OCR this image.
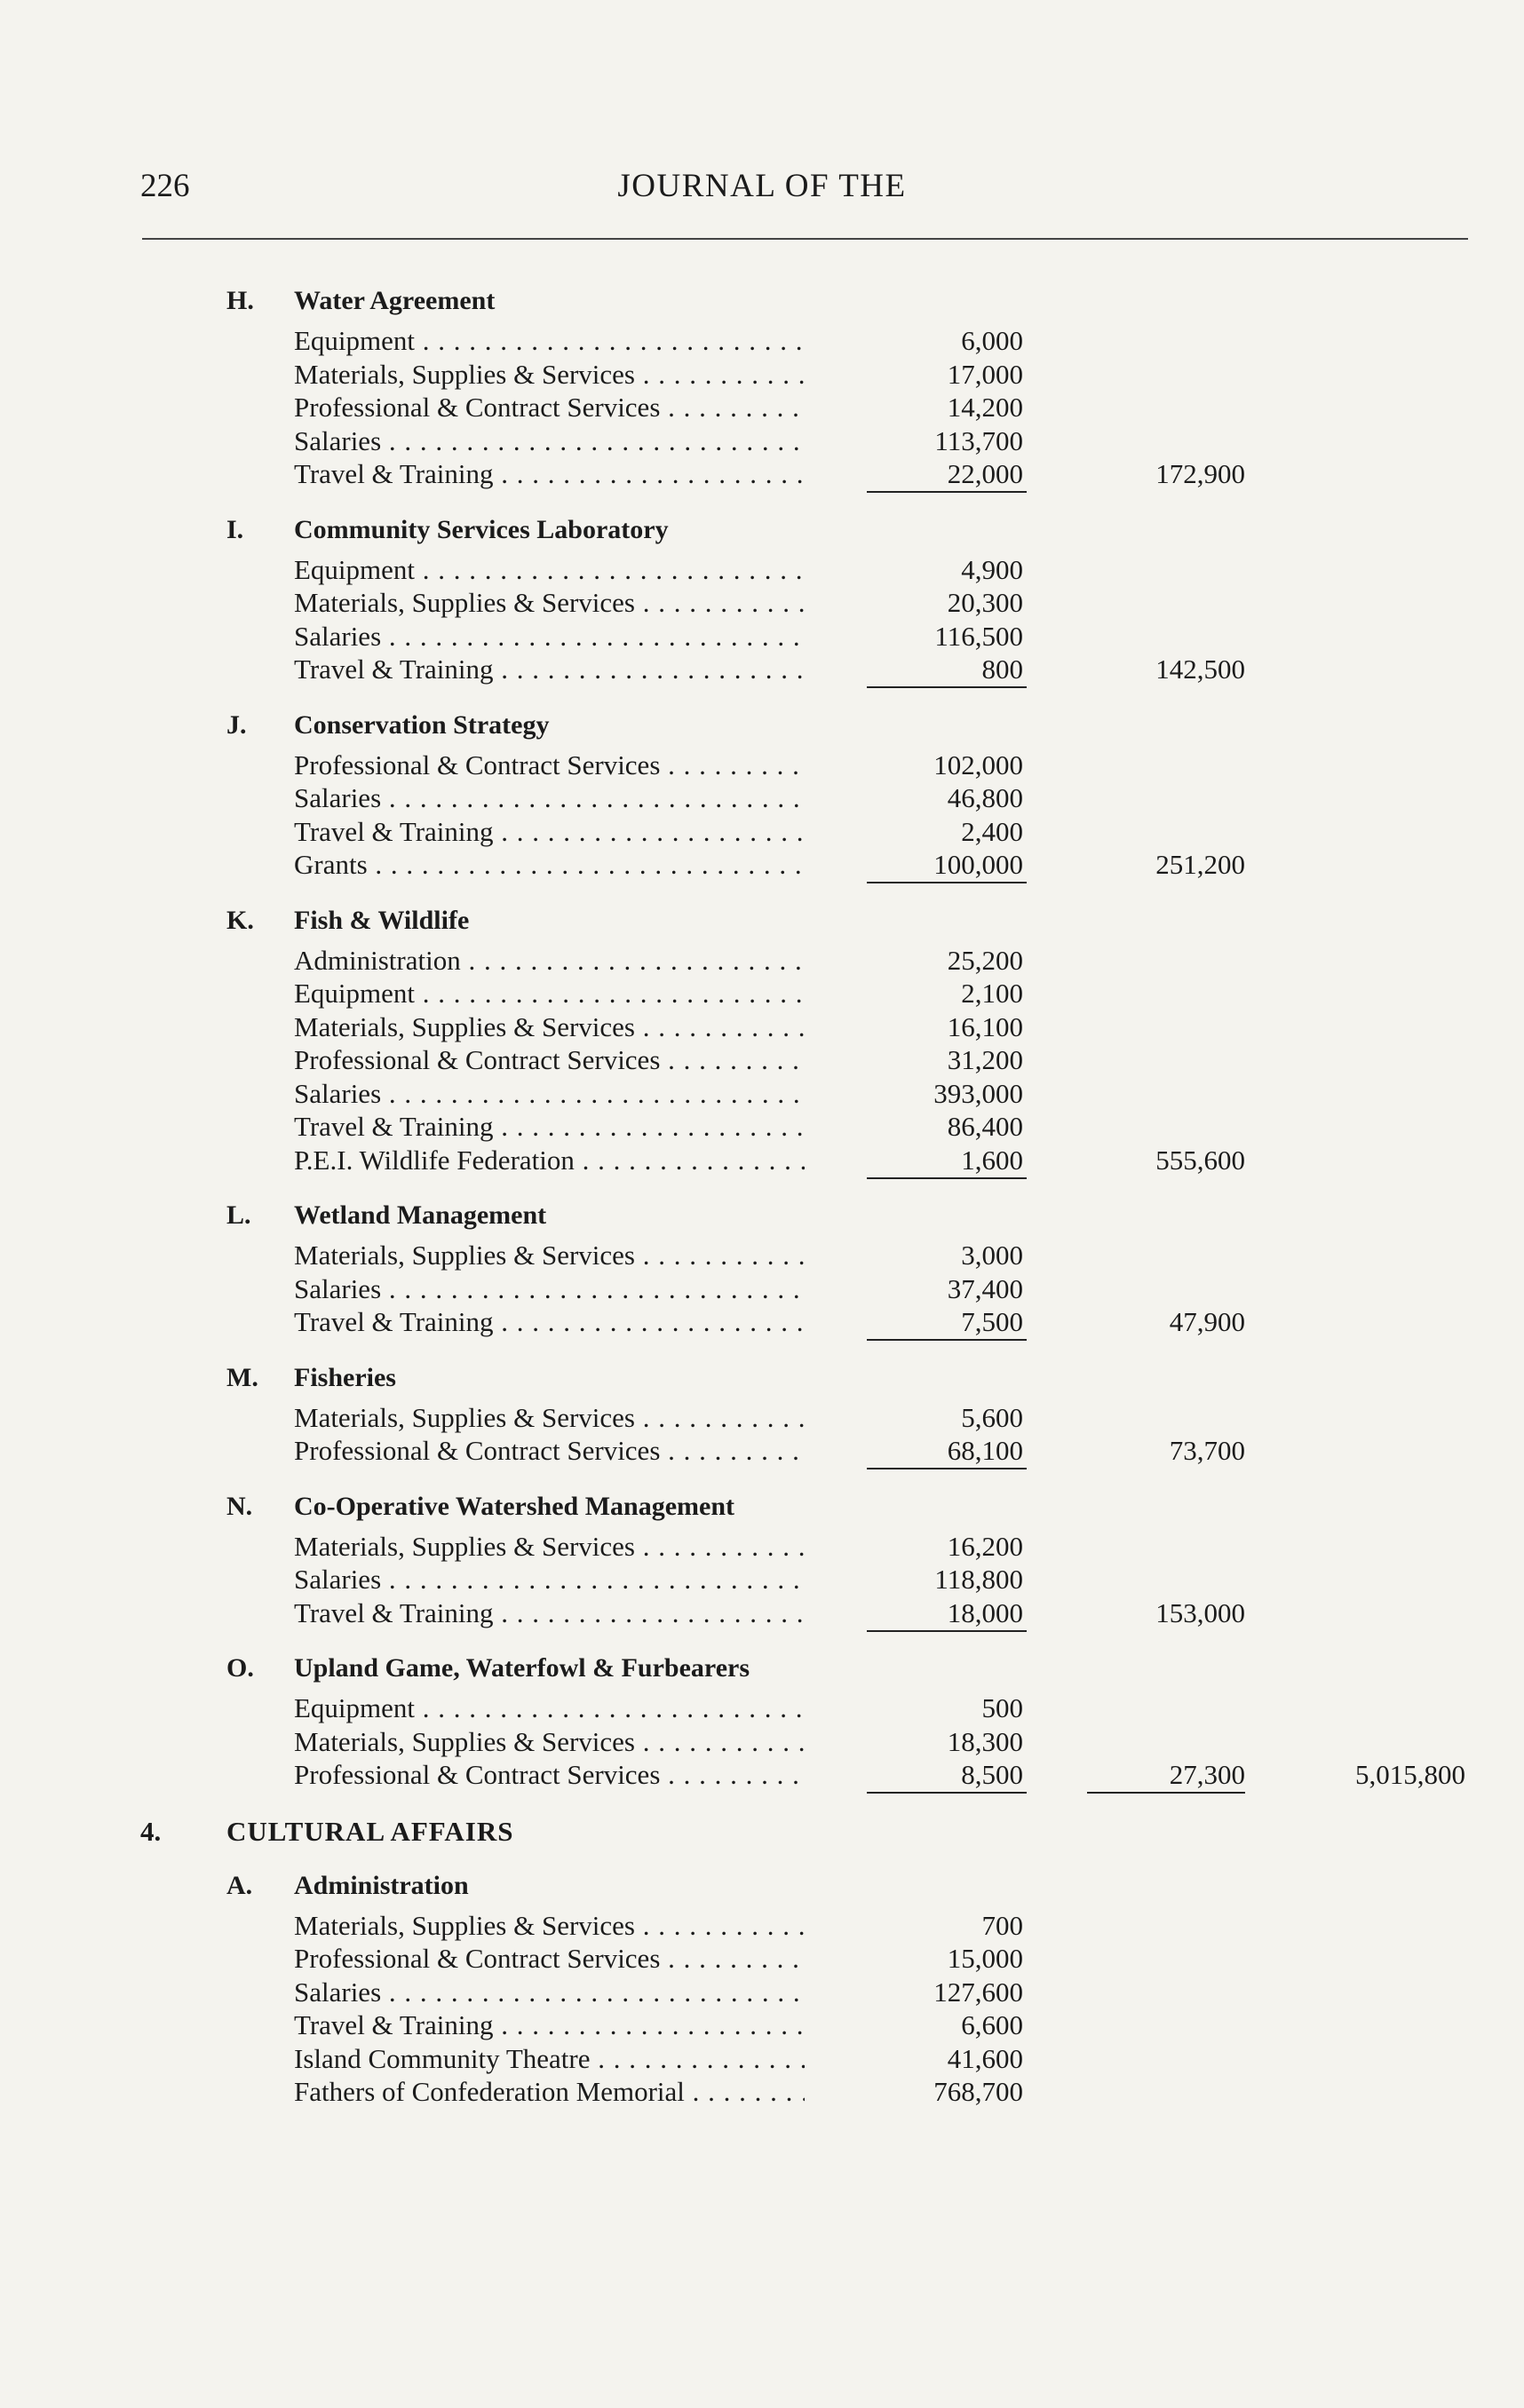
226	JOURNAL OF THE
H. Water Agreement
Equipment . . .	6,000
Materials, Supplies & Services . . .	17,000
Professional & Contract Services . . .	14,200
Salaries . . .	113,700
Travel & Training . . .	22,000	172,900
I. Community Services Laboratory
Equipment . . .	4,900
Materials, Supplies & Services . . .	20,300
Salaries . . .	116,500
Travel & Training . . .	800	142,500
J. Conservation Strategy
Professional & Contract Services . . .	102,000
Salaries . . .	46,800
Travel & Training . . .	2,400
Grants . . .	100,000	251,200
K. Fish & Wildlife
Administration . . .	25,200
Equipment . . .	2,100
Materials, Supplies & Services . . .	16,100
Professional & Contract Services . . .	31,200
Salaries . . .	393,000
Travel & Training . . .	86,400
P.E.I. Wildlife Federation . . .	1,600	555,600
L. Wetland Management
Materials, Supplies & Services . . .	3,000
Salaries . . .	37,400
Travel & Training . . .	7,500	47,900
M. Fisheries
Materials, Supplies & Services . . .	5,600
Professional & Contract Services . . .	68,100	73,700
N. Co-Operative Watershed Management
Materials, Supplies & Services . . .	16,200
Salaries . . .	118,800
Travel & Training . . .	18,000	153,000
O. Upland Game, Waterfowl & Furbearers
Equipment . . .	500
Materials, Supplies & Services . . .	18,300
Professional & Contract Services . . .	8,500	27,300	5,015,800
4. CULTURAL AFFAIRS
A. Administration
Materials, Supplies & Services . . .	700
Professional & Contract Services . . .	15,000
Salaries . . .	127,600
Travel & Training . . .	6,600
Island Community Theatre . . .	41,600
Fathers of Confederation Memorial . . .	768,700
